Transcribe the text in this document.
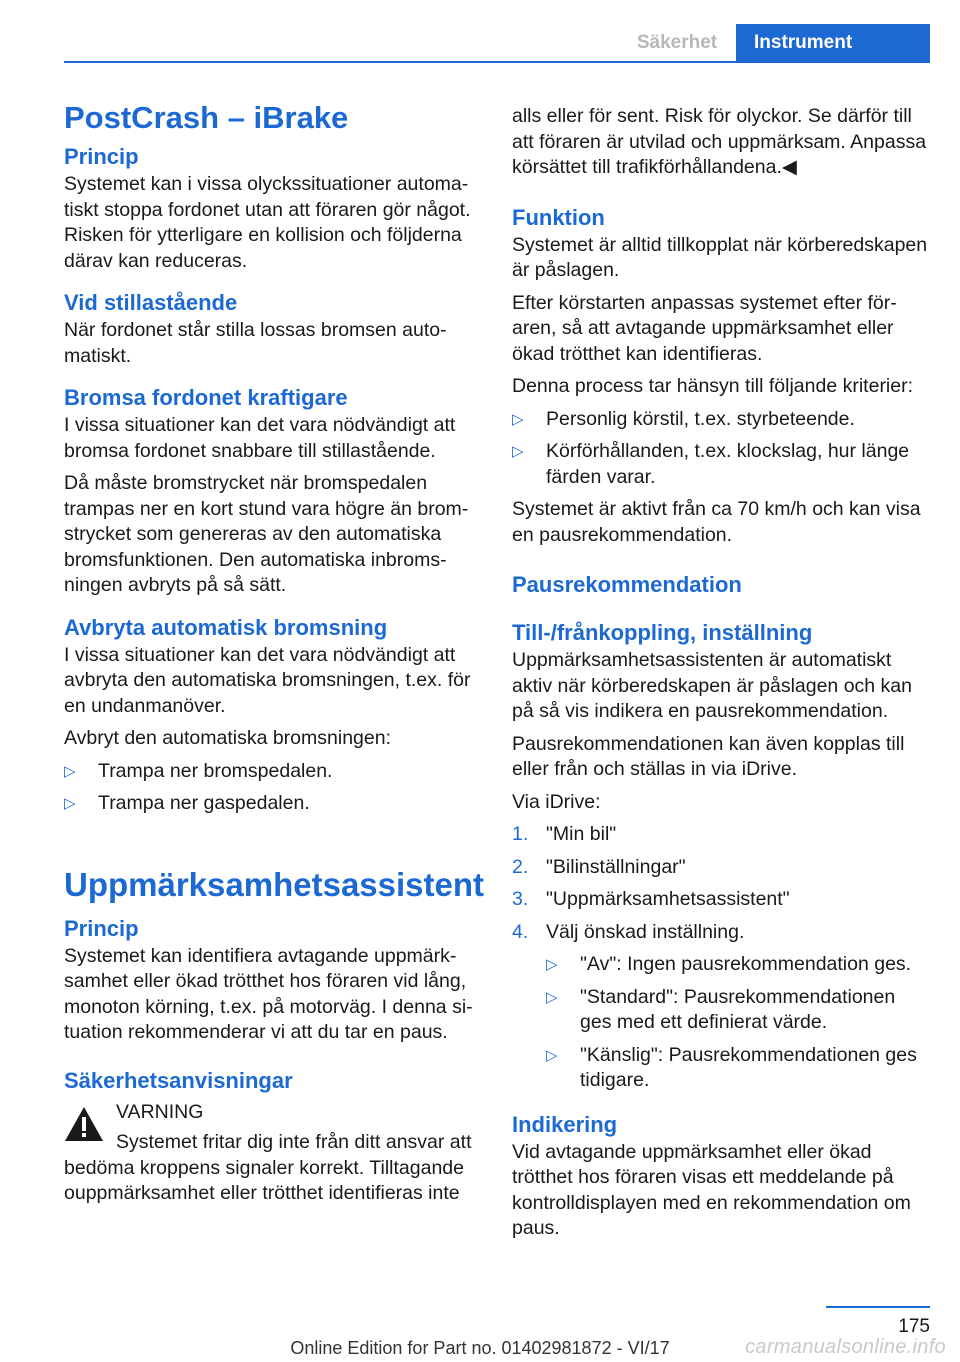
Säkerhet	Instrument
PostCrash – iBrake
Princip

Systemet kan i vissa olyckssituationer automatiskt stoppa fordonet utan att föraren gör något. Risken för ytterligare en kollision och följderna därav kan reduceras.

Vid stillastående

När fordonet står stilla lossas bromsen automatiskt.

Bromsa fordonet kraftigare

I vissa situationer kan det vara nödvändigt att bromsa fordonet snabbare till stillastående.

Då måste bromstrycket när bromspedalen trampas ner en kort stund vara högre än bromstrycket som genereras av den automatiska bromsfunktionen. Den automatiska inbromsningen avbryts på så sätt.

Avbryta automatisk bromsning

I vissa situationer kan det vara nödvändigt att avbryta den automatiska bromsningen, t.ex. för en undanmanöver.

Avbryt den automatiska bromsningen:

▷ Trampa ner bromspedalen.
▷ Trampa ner gaspedalen.
Uppmärksamhetsassistent
Princip

Systemet kan identifiera avtagande uppmärksamhet eller ökad trötthet hos föraren vid lång, monoton körning, t.ex. på motorväg. I denna situation rekommenderar vi att du tar en paus.

Säkerhetsanvisningar
VARNING
Systemet fritar dig inte från ditt ansvar att bedöma kroppens signaler korrekt. Tilltagande ouppmärksamhet eller trötthet identifieras inte

alls eller för sent. Risk för olyckor. Se därför till att föraren är utvilad och uppmärksam. Anpassa körsättet till trafikförhållandena.◀

Funktion

Systemet är alltid tillkopplat när körberedskapen är påslagen.

Efter körstarten anpassas systemet efter föraren, så att avtagande uppmärksamhet eller ökad trötthet kan identifieras.

Denna process tar hänsyn till följande kriterier:

▷ Personlig körstil, t.ex. styrbeteende.
▷ Körförhållanden, t.ex. klockslag, hur länge färden varar.

Systemet är aktivt från ca 70 km/h och kan visa en pausrekommendation.

Pausrekommendation
Till-/frånkoppling, inställning

Uppmärksamhetsassistenten är automatiskt aktiv när körberedskapen är påslagen och kan på så vis indikera en pausrekommendation.

Pausrekommendationen kan även kopplas till eller från och ställas in via iDrive.

Via iDrive:

1. "Min bil"
2. "Bilinställningar"
3. "Uppmärksamhetsassistent"
4. Välj önskad inställning.
▷ "Av": Ingen pausrekommendation ges.
▷ "Standard": Pausrekommendationen ges med ett definierat värde.
▷ "Känslig": Pausrekommendationen ges tidigare.
Indikering

Vid avtagande uppmärksamhet eller ökad trötthet hos föraren visas ett meddelande på kontrolldisplayen med en rekommendation om paus.

175
Online Edition for Part no. 01402981872 - VI/17	carmanualsonline.info
